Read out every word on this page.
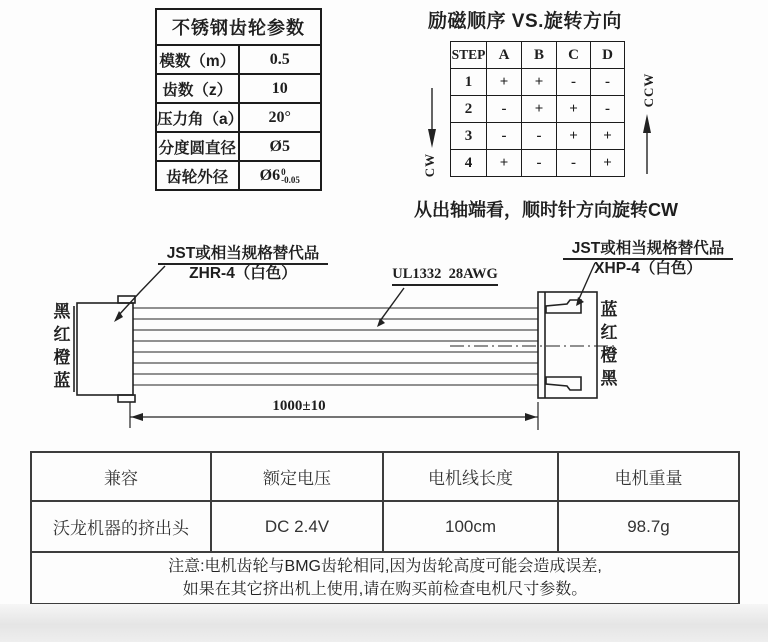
不锈钢齿轮参数	
模数（m）	0.5
齿数（z）	10
压力角（a）	20°
分度圆直径	Ø5
齿轮外径	Ø6 0
-0.05
励磁顺序 VS.旋转方向
STEP	A	B	C	D
1	+	+	-	-
2	-	+	+	-
3	-	-	+	+
4	+	-	-	+
CW
CCW
从出轴端看，顺时针方向旋转CW
JST或相当规格替代品
ZHR-4（白色）
JST或相当规格替代品
XHP-4（白色）
UL1332  28AWG
黑
红
橙
蓝
蓝
红
橙
黑
1000±10
兼容	额定电压	电机线长度	电机重量
沃龙机器的挤出头	DC 2.4V	100cm	98.7g

注意:电机齿轮与BMG齿轮相同,因为齿轮高度可能会造成误差,
如果在其它挤出机上使用,请在购买前检查电机尺寸参数。			
